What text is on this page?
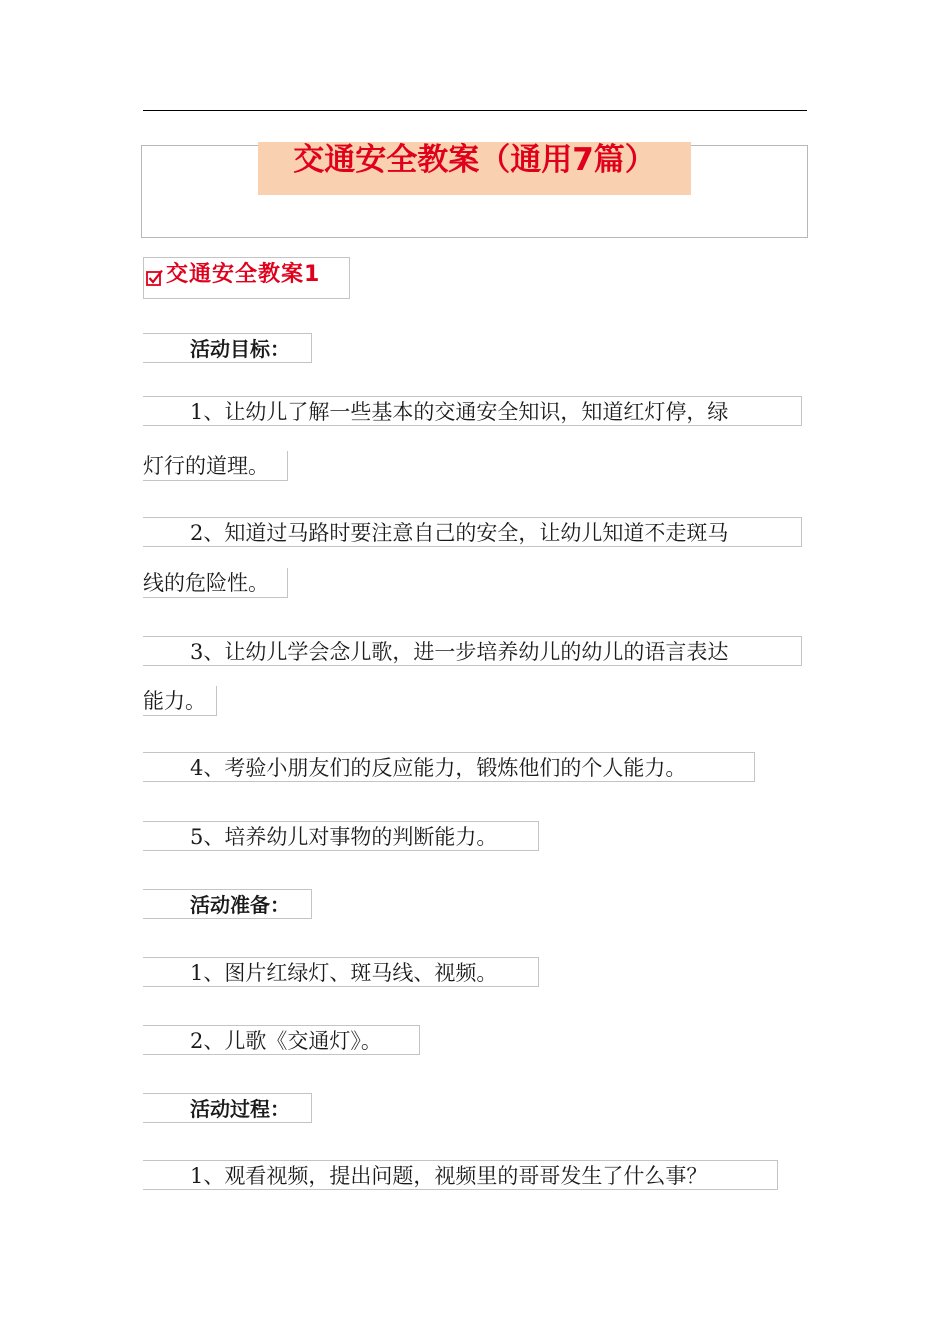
交通安全教案（通用7篇）
交通安全教案1
活动目标：
1、让幼儿了解一些基本的交通安全知识，知道红灯停，绿
灯行的道理。
2、知道过马路时要注意自己的安全，让幼儿知道不走斑马
线的危险性。
3、让幼儿学会念儿歌，进一步培养幼儿的幼儿的语言表达
能力。
4、考验小朋友们的反应能力，锻炼他们的个人能力。
5、培养幼儿对事物的判断能力。
活动准备：
1、图片红绿灯、斑马线、视频。
2、儿歌《交通灯》。
活动过程：
1、观看视频，提出问题，视频里的哥哥发生了什么事？
